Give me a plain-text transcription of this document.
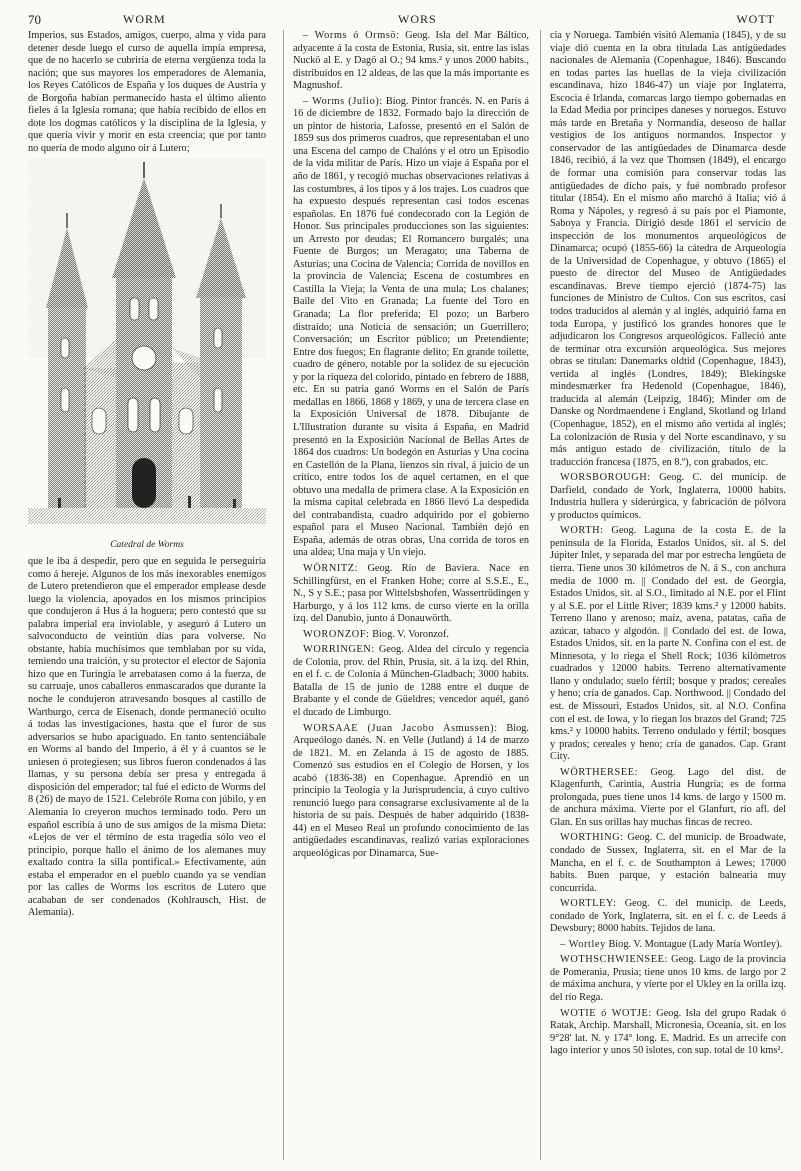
70	WORM	WORS	WOTT

Imperios, sus Estados, amigos, cuerpo, alma y vida para detener desde luego el curso de aquella impía empresa, que de no hacerlo se cubriría de eterna vergüenza toda la nación; que sus mayores los emperadores de Alemania, los Reyes Católicos de España y los duques de Austria y de Borgoña habían permanecido hasta el último aliento fieles á la Iglesia romana; que había recibido de ellos en dote los dogmas católicos y la disciplina de la Iglesia, y que quería vivir y morir en esta creencia; que por tanto no quería de modo alguno oir á Lutero;

Catedral de Worms

que le iba á despedir, pero que en seguida le perseguiría como á hereje. Algunos de los más inexorables enemigos de Lutero pretendieron que el emperador emplease desde luego la violencia, apoyados en los mismos principios que condujeron á Hus á la hoguera; pero contestó que su palabra imperial era inviolable, y aseguró á Lutero un salvoconducto de veintiún días para volverse. No obstante, había muchísimos que temblaban por su vida, temiendo una traición, y su protector el elector de Sajonia hizo que en Turingia le arrebatasen como á la fuerza, de su carruaje, unos caballeros enmascarados que durante la noche le condujeron atravesando bosques al castillo de Wartburgo, cerca de Eisenach, donde permaneció oculto á todas las investigaciones, hasta que el furor de sus adversarios se hubo apaciguado. En tanto sentenciábale en Worms al bando del Imperio, á él y á cuantos se le uniesen ó protegiesen; sus libros fueron condenados á las llamas, y su persona debía ser presa y entregada á disposición del emperador; tal fué el edicto de Worms del 8 (26) de mayo de 1521. Celebróle Roma con júbilo, y en Alemania lo creyeron muchos terminado todo. Pero un español escribía á uno de sus amigos de la misma Dieta: «Lejos de ver el término de esta tragedia sólo veo el principio, porque hallo el ánimo de los alemanes muy exaltado contra la silla pontifical.» Efectivamente, aún estaba el emperador en el pueblo cuando ya se vendían por las calles de Worms los escritos de Lutero que acababan de ser condenados (Kohlrausch, Hist. de Alemania).

– Worms ó Ormsö: Geog. Isla del Mar Báltico, adyacente á la costa de Estonia, Rusia, sit. entre las islas Nuckö al E. y Dagö al O.; 94 kms.² y unos 2000 habits., distribuídos en 12 aldeas, de las que la más importante es Magnushof.

– Worms (Julio): Biog. Pintor francés. N. en París á 16 de diciembre de 1832. Formado bajo la dirección de un pintor de historia, Lafosse, presentó en el Salón de 1859 sus dos primeros cuadros, que representaban el uno una Escena del campo de Chalóns y el otro un Episodio de la vida militar de París. Hizo un viaje á España por el año de 1861, y recogió muchas observaciones relativas á las costumbres, á los tipos y á los trajes. Los cuadros que ha expuesto después representan casi todos escenas españolas. En 1876 fué condecorado con la Legión de Honor. Sus principales producciones son las siguientes: un Arresto por deudas; El Romancero burgalés; una Fuente de Burgos; un Meragato; una Taberna de Asturias; una Cocina de Valencia; Corrida de novillos en la provincia de Valencia; Escena de costumbres en Castilla la Vieja; la Venta de una mula; Los chalanes; Baile del Vito en Granada; La fuente del Toro en Granada; La flor preferida; El pozo; un Barbero distraído; una Noticia de sensación; un Guerrillero; Conversación; un Escritor público; un Pretendiente; Entre dos fuegos; En flagrante delito; En grande toilette, cuadro de género, notable por la solidez de su ejecución y por la riqueza del colorido, pintado en febrero de 1888, etc. En su patria ganó Worms en el Salón de París medallas en 1866, 1868 y 1869, y una de tercera clase en la Exposición Universal de 1878. Dibujante de L'Illustration durante su visita á España, en Madrid presentó en la Exposición Nacional de Bellas Artes de 1864 dos cuadros: Un bodegón en Asturias y Una cocina en Castellón de la Plana, lienzos sin rival, á juicio de un crítico, entre todos los de aquel certamen, en el que obtuvo una medalla de primera clase. A la Exposición en la misma capital celebrada en 1866 llevó La despedida del contrabandista, cuadro adquirido por el gobierno español para el Museo Nacional. También dejó en España, además de otras obras, Una corrida de toros en una aldea; Una maja y Un viejo.

WÖRNITZ: Geog. Río de Baviera. Nace en Schillingfürst, en el Franken Hohe; corre al S.S.E., E., N., S y S.E.; pasa por Wittelsbshofen, Wassertrüdingen y Harburgo, y á los 112 kms. de curso vierte en la orilla izq. del Danubio, junto á Donauwörth.

WORONZOF: Biog. V. Voronzof.

WORRINGEN: Geog. Aldea del círculo y regencia de Colonia, prov. del Rhin, Prusia, sit. á la izq. del Rhin, en el f. c. de Colonia á München-Gladbach; 3000 habits. Batalla de 15 de junio de 1288 entre el duque de Brabante y el conde de Güeldres; vencedor aquél, ganó el ducado de Limburgo.

WORSAAE (Juan Jacobo Asmussen): Biog. Arqueólogo danés. N. en Velle (Jutland) á 14 de marzo de 1821. M. en Zelanda á 15 de agosto de 1885. Comenzó sus estudios en el Colegio de Horsen, y los acabó (1836-38) en Copenhague. Aprendió en un principio la Teología y la Jurisprudencia, á cuyo cultivo renunció luego para consagrarse exclusivamente al de la historia de su país. Después de haber adquirido (1838-44) en el Museo Real un profundo conocimiento de las antigüedades escandinavas, realizó varias exploraciones arqueológicas por Dinamarca, Sue-

cia y Noruega. También visitó Alemania (1845), y de su viaje dió cuenta en la obra titulada Las antigüedades nacionales de Alemania (Copenhague, 1846). Buscando en todas partes las huellas de la vieja civilización escandinava, hizo 1846-47) un viaje por Inglaterra, Escocia é Irlanda, comarcas largo tiempo gobernadas en la Edad Media por príncipes daneses y noruegos. Estuvo más tarde en Bretaña y Normandía, deseoso de hallar vestigios de los antiguos normandos. Inspector y conservador de las antigüedades de Dinamarca desde 1846, recibió, á la vez que Thomsen (1849), el encargo de formar una comisión para conservar todas las antigüedades de dicho país, y fué nombrado profesor titular (1854). En el mismo año marchó á Italia; vió á Roma y Nápoles, y regresó á su país por el Piamonte, Saboya y Francia. Dirigió desde 1861 el servicio de inspección de los monumentos arqueológicos de Dinamarca; ocupó (1855-66) la cátedra de Arqueología de la Universidad de Copenhague, y obtuvo (1865) el puesto de director del Museo de Antigüedades escandinavas. Breve tiempo ejerció (1874-75) las funciones de Ministro de Cultos. Con sus escritos, casi todos traducidos al alemán y al inglés, adquirió fama en toda Europa, y justificó los grandes honores que le adjudicaron los Congresos arqueológicos. Falleció ante de terminar otra excursión arqueológica. Sus mejores obras se titulan: Danemarks oldtid (Copenhague, 1843), vertida al inglés (Londres, 1849); Blekingske mindesmærker fra Hedenold (Copenhague, 1846), traducida al alemán (Leipzig, 1846); Minder om de Danske og Nordmaendene i England, Skotland og Irland (Copenhague, 1852), en el mismo año vertida al inglés; La colonización de Rusia y del Norte escandinavo, y su más antiguo estado de civilización, título de la traducción francesa (1875, en 8.º), con grabados, etc.

WORSBOROUGH: Geog. C. del municip. de Darfield, condado de York, Inglaterra, 10000 habits. Industria hullera y siderúrgica, y fabricación de pólvora y productos químicos.

WORTH: Geog. Laguna de la costa E. de la península de la Florida, Estados Unidos, sit. al S. del Júpiter Inlet, y separada del mar por estrecha lengüeta de tierra. Tiene unos 30 kilómetros de N. á S., con anchura media de 1000 m. || Condado del est. de Georgia, Estados Unidos, sit. al S.O., limitado al N.E. por el Flint y al S.E. por el Little River; 1839 kms.² y 12000 habits. Terreno llano y arenoso; maíz, avena, patatas, caña de azúcar, tabaco y algodón. || Condado del est. de Iowa, Estados Unidos, sit. en la parte N. Confina con el est. de Minnesota, y lo riega el Shell Rock; 1036 kilómetros cuadrados y 12000 habits. Terreno alternativamente llano y ondulado; suelo fértil; bosque y prados; cereales y heno; cría de ganados. Cap. Northwood. || Condado del est. de Missouri, Estados Unidos, sit. al N.O. Confina con el est. de Iowa, y lo riegan los brazos del Grand; 725 kms.² y 10000 habits. Terreno ondulado y fértil; bosques y prados; cereales y heno; cría de ganados. Cap. Grant City.

WÖRTHERSEE: Geog. Lago del dist. de Klagenfurth, Carintia, Austria Hungría; es de forma prolongada, pues tiene unos 14 kms. de largo y 1500 m. de anchura máxima. Vierte por el Glanfurt, río afl. del Glan. En sus orillas hay muchas fincas de recreo.

WORTHING: Geog. C. del municip. de Broadwate, condado de Sussex, Inglaterra, sit. en el Mar de la Mancha, en el f. c. de Southampton á Lewes; 17000 habits. Buen parque, y estación balnearia muy concurrida.

WORTLEY: Geog. C. del municip. de Leeds, condado de York, Inglaterra, sit. en el f. c. de Leeds á Dewsbury; 8000 habits. Tejidos de lana.

– Wortley Biog. V. Montague (Lady María Wortley).

WOTHSCHWIENSEE: Geog. Lago de la provincia de Pomerania, Prusia; tiene unos 10 kms. de largo por 2 de máxima anchura, y vierte por el Ukley en la orilla izq. del río Rega.

WOTIE ó WOTJE: Geog. Isla del grupo Radak ó Ratak, Archip. Marshall, Micronesia, Oceanía, sit. en los 9°28' lat. N. y 174° long. E. Madrid. Es un arrecife con lago interior y unos 50 islotes, con sup. total de 10 kms².
